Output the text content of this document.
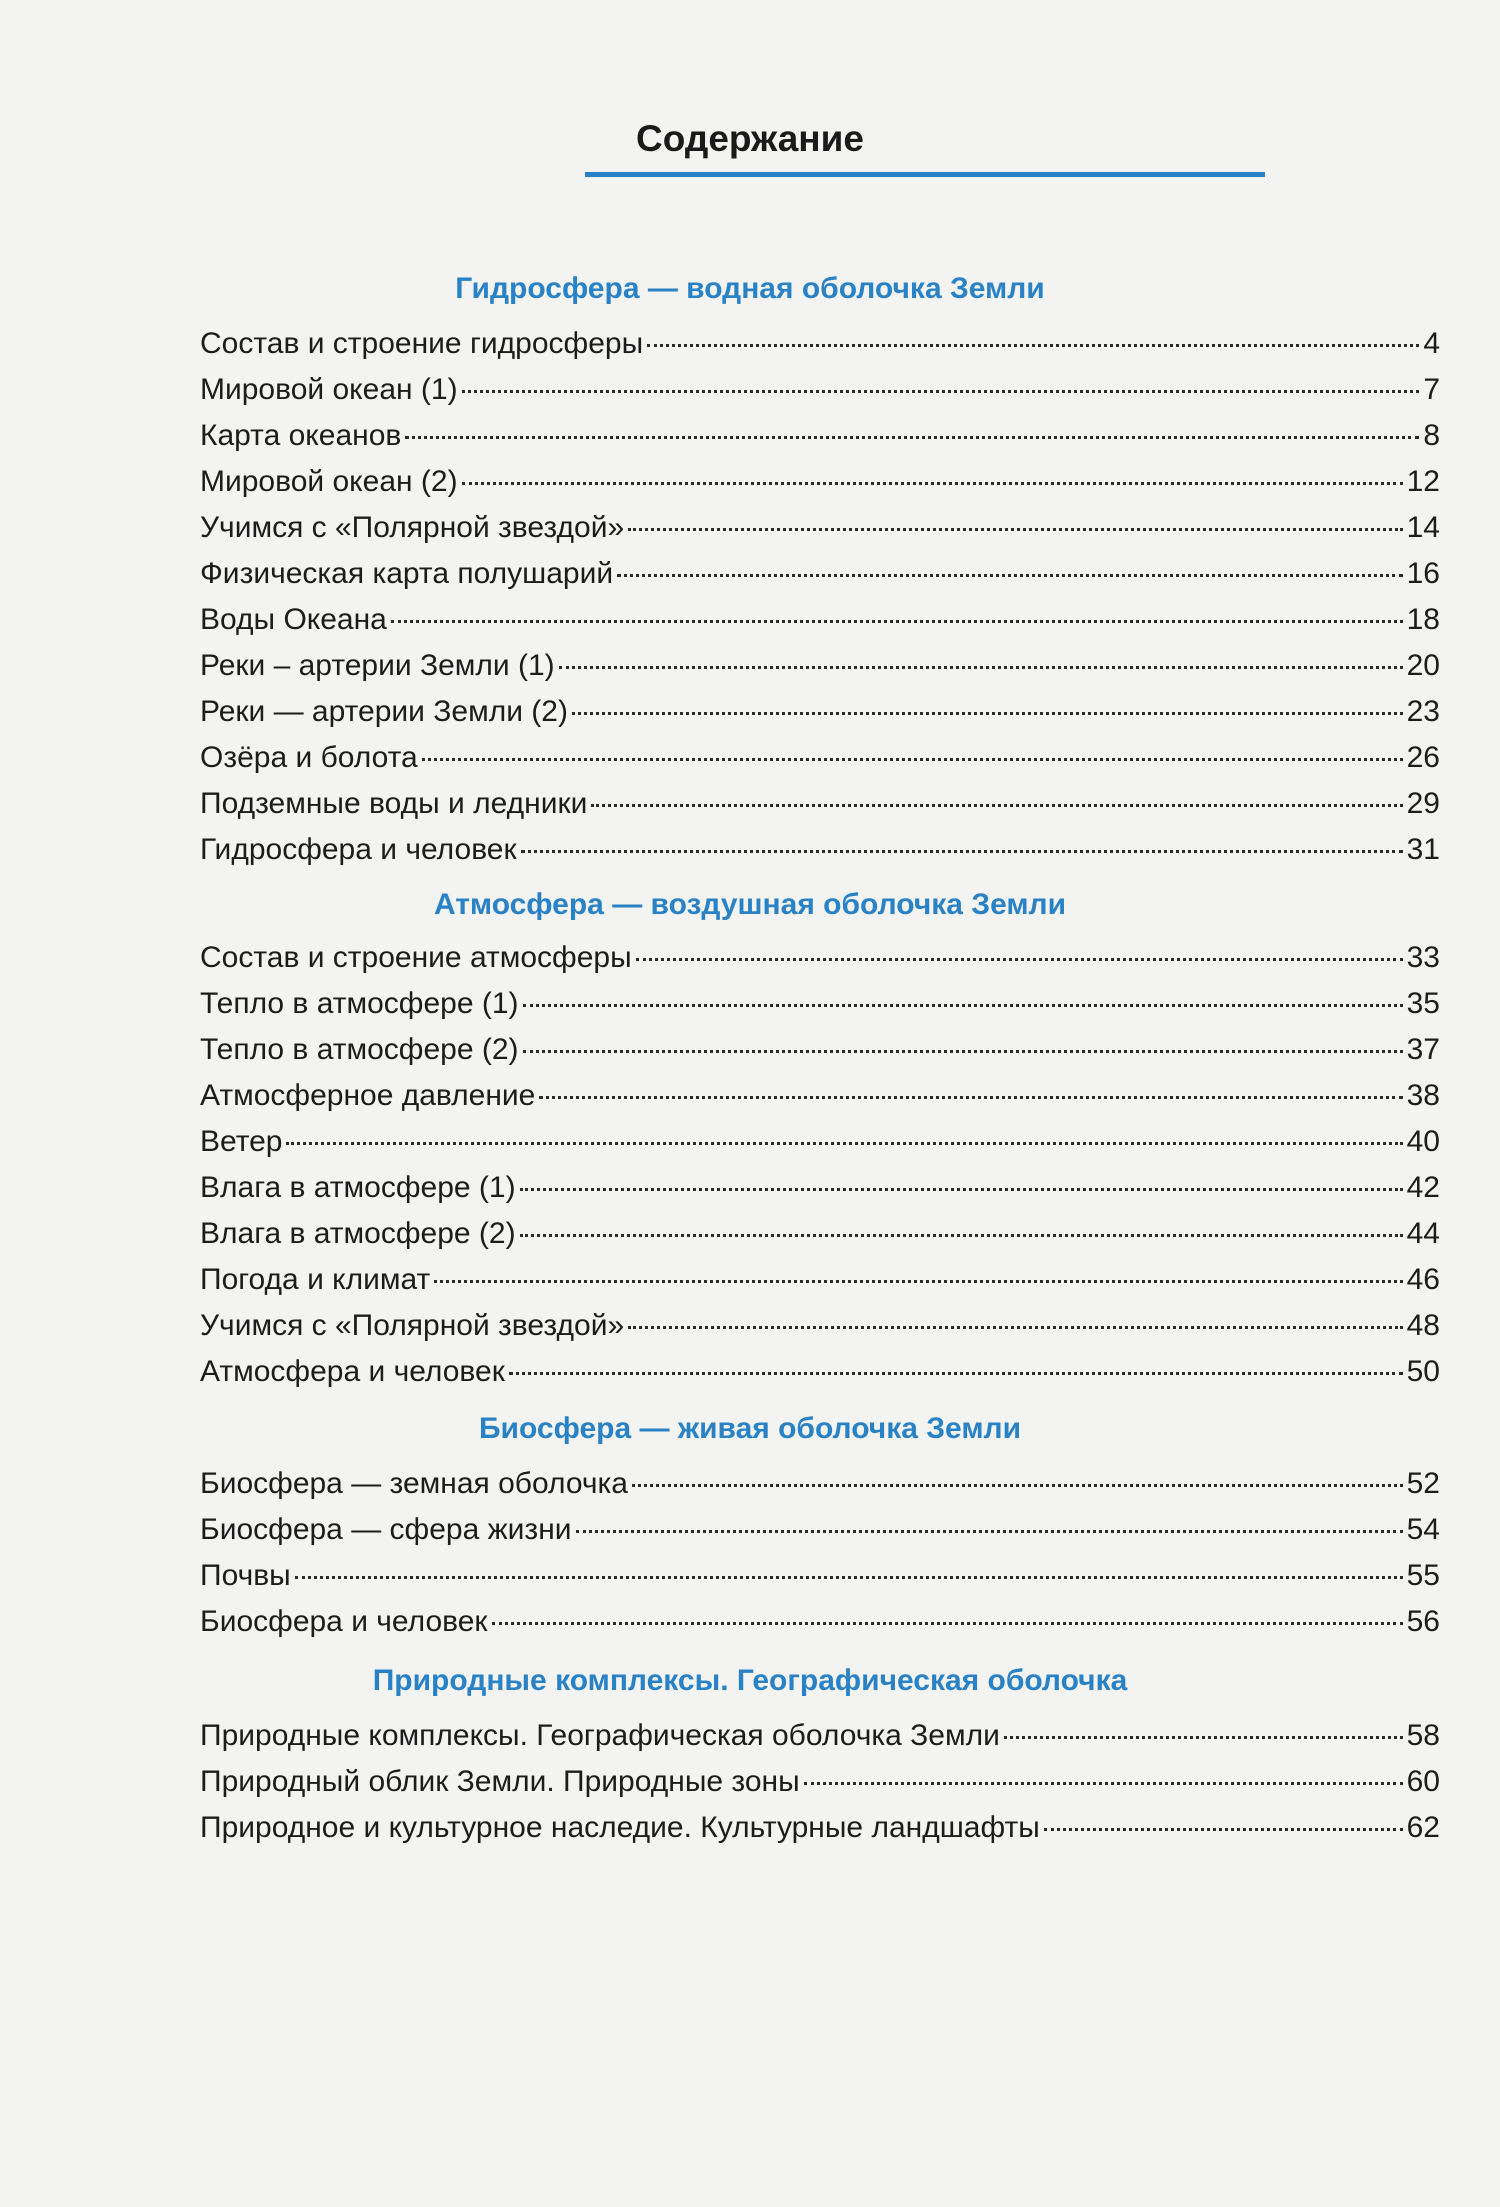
Содержание
Гидросфера — водная оболочка Земли
Состав и строение гидросферы	4
Мировой океан (1)	7
Карта океанов	8
Мировой океан (2)	12
Учимся с «Полярной звездой»	14
Физическая карта полушарий	16
Воды Океана	18
Реки – артерии Земли (1)	20
Реки — артерии Земли (2)	23
Озёра и болота	26
Подземные воды и ледники	29
Гидросфера и человек	31
Атмосфера — воздушная оболочка Земли
Состав и строение атмосферы	33
Тепло в атмосфере (1)	35
Тепло в атмосфере (2)	37
Атмосферное давление	38
Ветер	40
Влага в атмосфере (1)	42
Влага в атмосфере (2)	44
Погода и климат	46
Учимся с «Полярной звездой»	48
Атмосфера и человек	50
Биосфера — живая оболочка Земли
Биосфера — земная оболочка	52
Биосфера — сфера жизни	54
Почвы	55
Биосфера и человек	56
Природные комплексы. Географическая оболочка
Природные комплексы. Географическая оболочка Земли	58
Природный облик Земли. Природные зоны	60
Природное и культурное наследие. Культурные ландшафты	62
